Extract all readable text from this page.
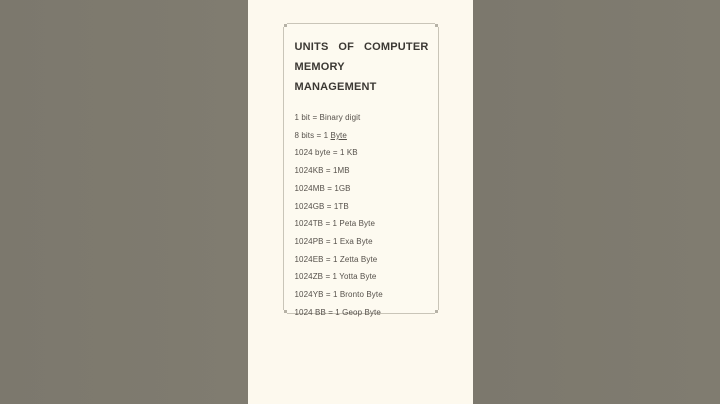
UNITS OF COMPUTER
MEMORY MANAGEMENT
1 bit = Binary digit
8 bits = 1 Byte
1024 byte = 1 KB
1024KB = 1MB
1024MB = 1GB
1024GB = 1TB
1024TB = 1 Peta Byte
1024PB = 1 Exa Byte
1024EB = 1 Zetta Byte
1024ZB = 1 Yotta Byte
1024YB = 1 Bronto Byte
1024 BB = 1 Geop Byte
